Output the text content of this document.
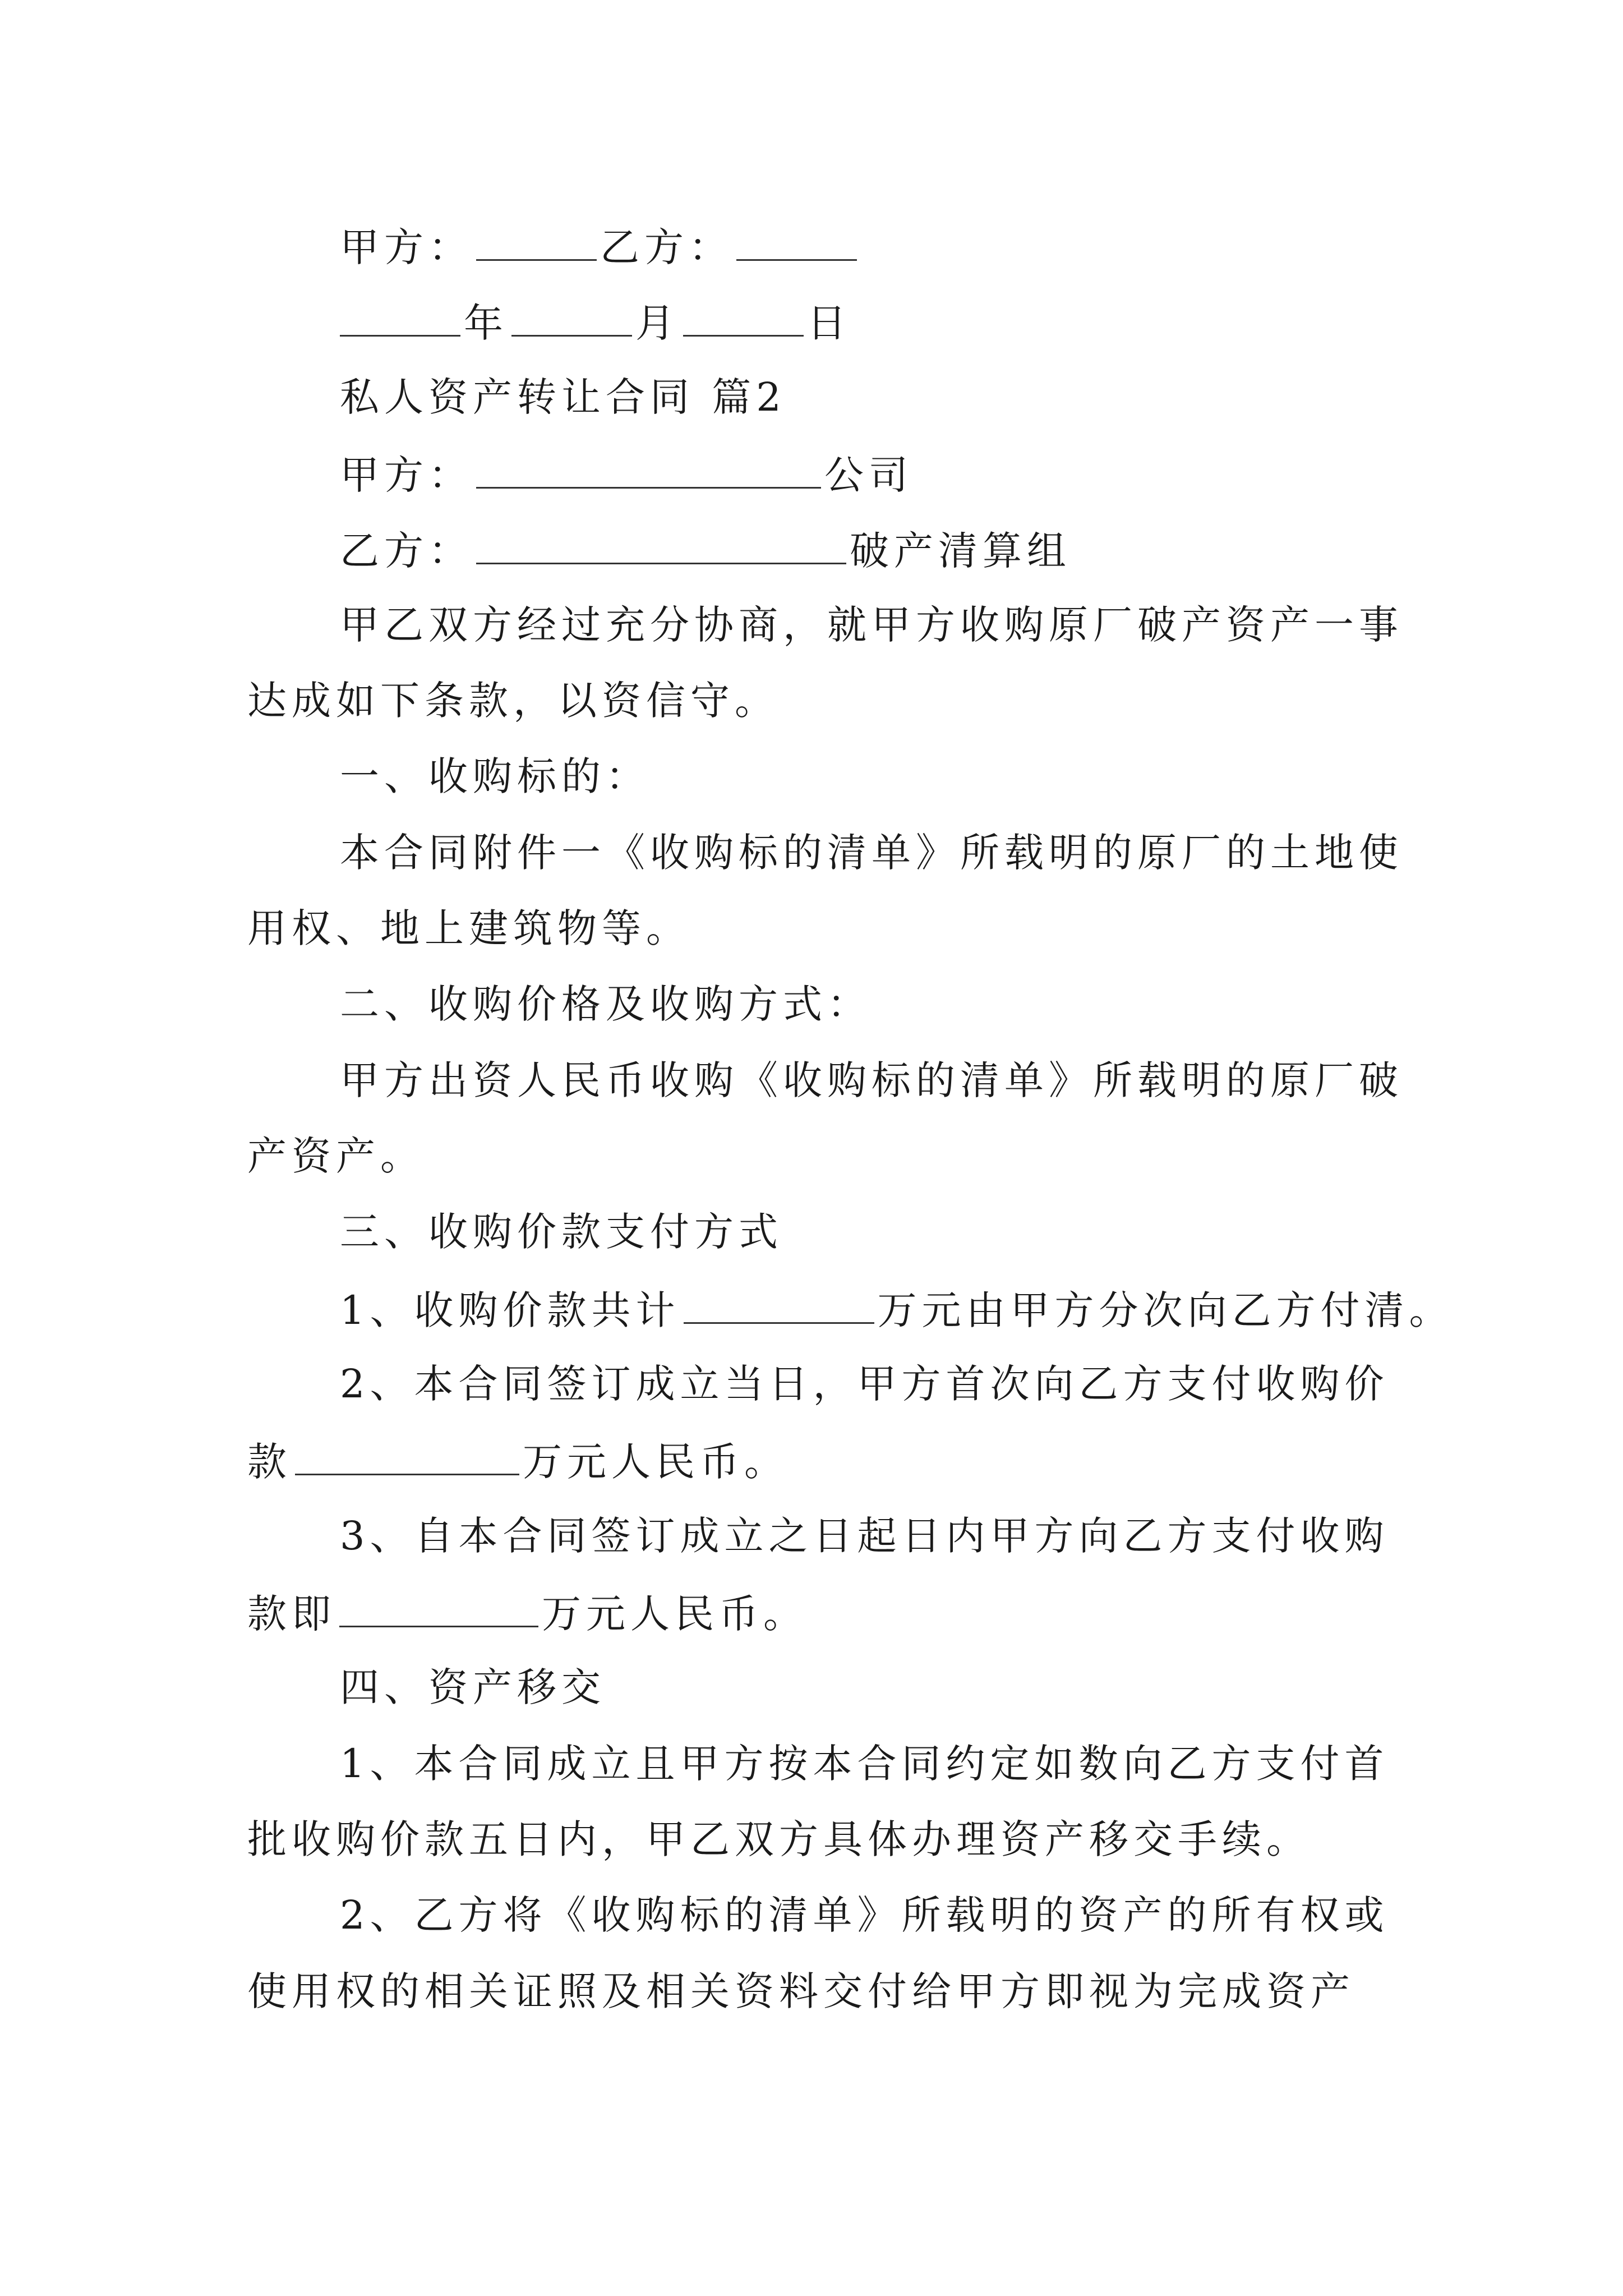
甲方：	乙方：
年	月	日
私人资产转让合同 篇2
甲方：	公司
乙方：	破产清算组
甲乙双方经过充分协商，就甲方收购原厂破产资产一事
达成如下条款，以资信守。
一、收购标的：
本合同附件一《收购标的清单》所载明的原厂的土地使
用权、地上建筑物等。
二、收购价格及收购方式：
甲方出资人民币收购《收购标的清单》所载明的原厂破
产资产。
三、收购价款支付方式
1、收购价款共计	万元由甲方分次向乙方付清。
2、本合同签订成立当日，甲方首次向乙方支付收购价
款	万元人民币。
3、自本合同签订成立之日起日内甲方向乙方支付收购
款即	万元人民币。
四、资产移交
1、本合同成立且甲方按本合同约定如数向乙方支付首
批收购价款五日内，甲乙双方具体办理资产移交手续。
2、乙方将《收购标的清单》所载明的资产的所有权或
使用权的相关证照及相关资料交付给甲方即视为完成资产
